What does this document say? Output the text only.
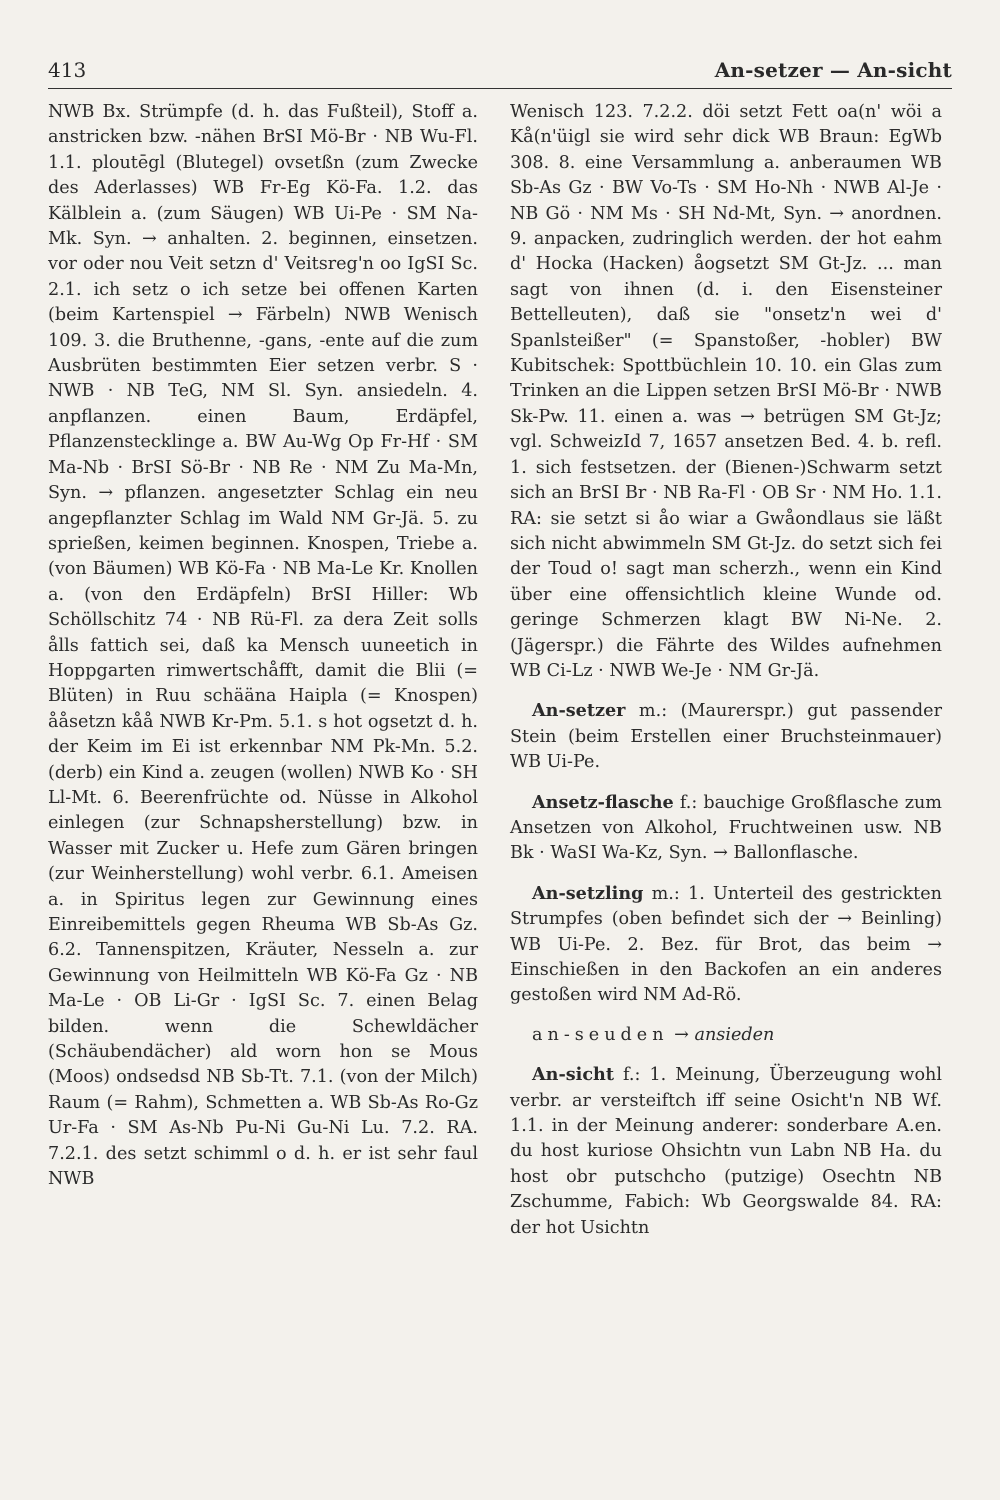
413	An-setzer — An-sicht

NWB Bx. Strümpfe (d. h. das Fußteil), Stoff a. anstricken bzw. -nähen BrSI Mö-Br · NB Wu-Fl. 1.1. ploutēgl (Blutegel) ovsetßn (zum Zwecke des Aderlasses) WB Fr-Eg Kö-Fa. 1.2. das Kälblein a. (zum Säugen) WB Ui-Pe · SM Na-Mk. Syn. → anhalten. 2. beginnen, einsetzen. vor oder nou Veit setzn d' Veitsreg'n oo IgSI Sc. 2.1. ich setz o ich setze bei offenen Karten (beim Kartenspiel → Färbeln) NWB Wenisch 109. 3. die Bruthenne, -gans, -ente auf die zum Ausbrüten bestimmten Eier setzen verbr. S · NWB · NB TeG, NM Sl. Syn. ansiedeln. 4. anpflanzen. einen Baum, Erdäpfel, Pflanzenstecklinge a. BW Au-Wg Op Fr-Hf · SM Ma-Nb · BrSI Sö-Br · NB Re · NM Zu Ma-Mn, Syn. → pflanzen. angesetzter Schlag ein neu angepflanzter Schlag im Wald NM Gr-Jä. 5. zu sprießen, keimen beginnen. Knospen, Triebe a. (von Bäumen) WB Kö-Fa · NB Ma-Le Kr. Knollen a. (von den Erdäpfeln) BrSI Hiller: Wb Schöllschitz 74 · NB Rü-Fl. za dera Zeit solls ålls fattich sei, daß ka Mensch uuneetich in Hoppgarten rimwertschåfft, damit die Blii (= Blüten) in Ruu schääna Haipla (= Knospen) ååsetzn kåå NWB Kr-Pm. 5.1. s hot ogsetzt d. h. der Keim im Ei ist erkennbar NM Pk-Mn. 5.2. (derb) ein Kind a. zeugen (wollen) NWB Ko · SH Ll-Mt. 6. Beerenfrüchte od. Nüsse in Alkohol einlegen (zur Schnapsherstellung) bzw. in Wasser mit Zucker u. Hefe zum Gären bringen (zur Weinherstellung) wohl verbr. 6.1. Ameisen a. in Spiritus legen zur Gewinnung eines Einreibemittels gegen Rheuma WB Sb-As Gz. 6.2. Tannenspitzen, Kräuter, Nesseln a. zur Gewinnung von Heilmitteln WB Kö-Fa Gz · NB Ma-Le · OB Li-Gr · IgSI Sc. 7. einen Belag bilden. wenn die Schewldächer (Schäubendächer) ald worn hon se Mous (Moos) ondsedsd NB Sb-Tt. 7.1. (von der Milch) Raum (= Rahm), Schmetten a. WB Sb-As Ro-Gz Ur-Fa · SM As-Nb Pu-Ni Gu-Ni Lu. 7.2. RA. 7.2.1. des setzt schimml o d. h. er ist sehr faul NWB

Wenisch 123. 7.2.2. döi setzt Fett oa(n' wöi a Kå(n'üigl sie wird sehr dick WB Braun: EgWb 308. 8. eine Versammlung a. anberaumen WB Sb-As Gz · BW Vo-Ts · SM Ho-Nh · NWB Al-Je · NB Gö · NM Ms · SH Nd-Mt, Syn. → anordnen. 9. anpacken, zudringlich werden. der hot eahm d' Hocka (Hacken) åogsetzt SM Gt-Jz. ... man sagt von ihnen (d. i. den Eisensteiner Bettelleuten), daß sie "onsetz'n wei d' Spanlsteißer" (= Spanstoßer, -hobler) BW Kubitschek: Spottbüchlein 10. 10. ein Glas zum Trinken an die Lippen setzen BrSI Mö-Br · NWB Sk-Pw. 11. einen a. was → betrügen SM Gt-Jz; vgl. SchweizId 7, 1657 ansetzen Bed. 4. b. refl. 1. sich festsetzen. der (Bienen-)Schwarm setzt sich an BrSI Br · NB Ra-Fl · OB Sr · NM Ho. 1.1. RA: sie setzt si åo wiar a Gwåondlaus sie läßt sich nicht abwimmeln SM Gt-Jz. do setzt sich fei der Toud o! sagt man scherzh., wenn ein Kind über eine offensichtlich kleine Wunde od. geringe Schmerzen klagt BW Ni-Ne. 2. (Jägerspr.) die Fährte des Wildes aufnehmen WB Ci-Lz · NWB We-Je · NM Gr-Jä.

An-setzer m.: (Maurerspr.) gut passender Stein (beim Erstellen einer Bruchsteinmauer) WB Ui-Pe.

Ansetz-flasche f.: bauchige Großflasche zum Ansetzen von Alkohol, Fruchtweinen usw. NB Bk · WaSI Wa-Kz, Syn. → Ballonflasche.

An-setzling m.: 1. Unterteil des gestrickten Strumpfes (oben befindet sich der → Beinling) WB Ui-Pe. 2. Bez. für Brot, das beim → Einschießen in den Backofen an ein anderes gestoßen wird NM Ad-Rö.

an-seuden → ansieden

An-sicht f.: 1. Meinung, Überzeugung wohl verbr. ar versteiftch iff seine Osicht'n NB Wf. 1.1. in der Meinung anderer: sonderbare A.en. du host kuriose Ohsichtn vun Labn NB Ha. du host obr putschcho (putzige) Osechtn NB Zschumme, Fabich: Wb Georgswalde 84. RA: der hot Usichtn
